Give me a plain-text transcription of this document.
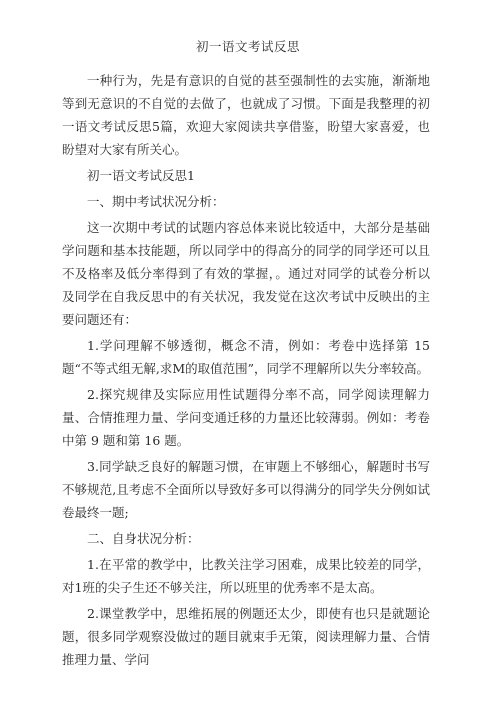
初一语文考试反思

一种行为，先是有意识的自觉的甚至强制性的去实施，渐渐地等到无意识的不自觉的去做了，也就成了习惯。下面是我整理的初一语文考试反思5篇，欢迎大家阅读共享借鉴，盼望大家喜爱，也盼望对大家有所关心。

初一语文考试反思1

一、期中考试状况分析：

这一次期中考试的试题内容总体来说比较适中，大部分是基础学问题和基本技能题，所以同学中的得高分的同学的同学还可以且不及格率及低分率得到了有效的掌握，。通过对同学的试卷分析以及同学在自我反思中的有关状况，我发觉在这次考试中反映出的主要问题还有：

1.学问理解不够透彻，概念不清，例如：考卷中选择第 15 题“不等式组无解,求M的取值范围”，同学不理解所以失分率较高。

2.探究规律及实际应用性试题得分率不高，同学阅读理解力量、合情推理力量、学问变通迁移的力量还比较薄弱。例如：考卷中第 9 题和第 16 题。

3.同学缺乏良好的解题习惯，在审题上不够细心，解题时书写不够规范,且考虑不全面所以导致好多可以得满分的同学失分例如试卷最终一题;

二、自身状况分析：

1.在平常的教学中，比教关注学习困难，成果比较差的同学，对1班的尖子生还不够关注，所以班里的优秀率不是太高。

2.课堂教学中，思维拓展的例题还太少，即使有也只是就题论题，很多同学观察没做过的题目就束手无策，阅读理解力量、合情推理力量、学问
